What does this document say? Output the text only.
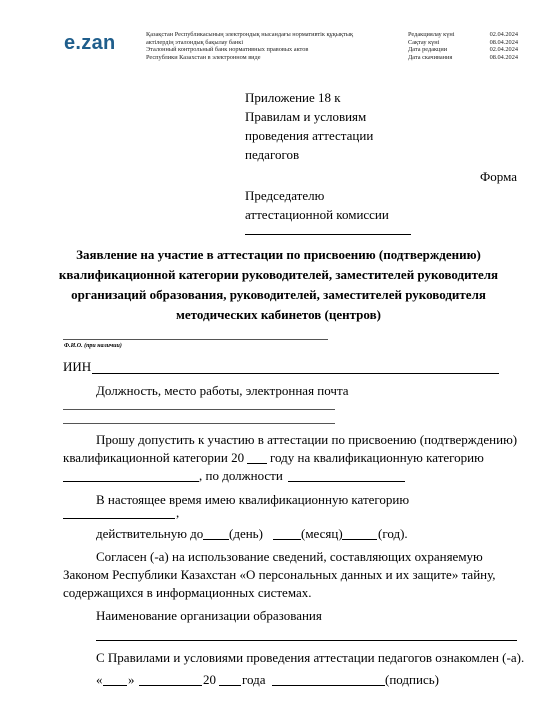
e.zan	Қазақстан Республикасының электрондық нысандағы нормативтік құқықтық
актілердің эталондық бақылау банкі
Эталонный контрольный банк нормативных правовых актов
Республики Казахстан в электронном виде
Редакциялау күні	02.04.2024
Сақтау күні	08.04.2024
Дата редакции	02.04.2024
Дата скачивания	08.04.2024
Приложение 18 к
Правилам и условиям
проведения аттестации
педагогов
Форма
Председателю
аттестационной комиссии
Заявление на участие в аттестации по присвоению (подтверждению)
квалификационной категории руководителей, заместителей руководителя
организаций образования, руководителей, заместителей руководителя
методических кабинетов (центров)
Ф.И.О. (при наличии)
ИИН
Должность, место работы, электронная почта
Прошу допустить к участию в аттестации по присвоению (подтверждению)
квалификационной категории 20 году на квалификационную категорию
, по должности
В настоящее время имею квалификационную категорию
,
действительную до (день)	(месяц)	(год).
Согласен (-а) на использование сведений, составляющих охраняемую
Законом Республики Казахстан «О персональных данных и их защите» тайну,
содержащихся в информационных системах.
Наименование организации образования
С Правилами и условиями проведения аттестации педагогов ознакомлен (-а).
« »	20 года	(подпись)
